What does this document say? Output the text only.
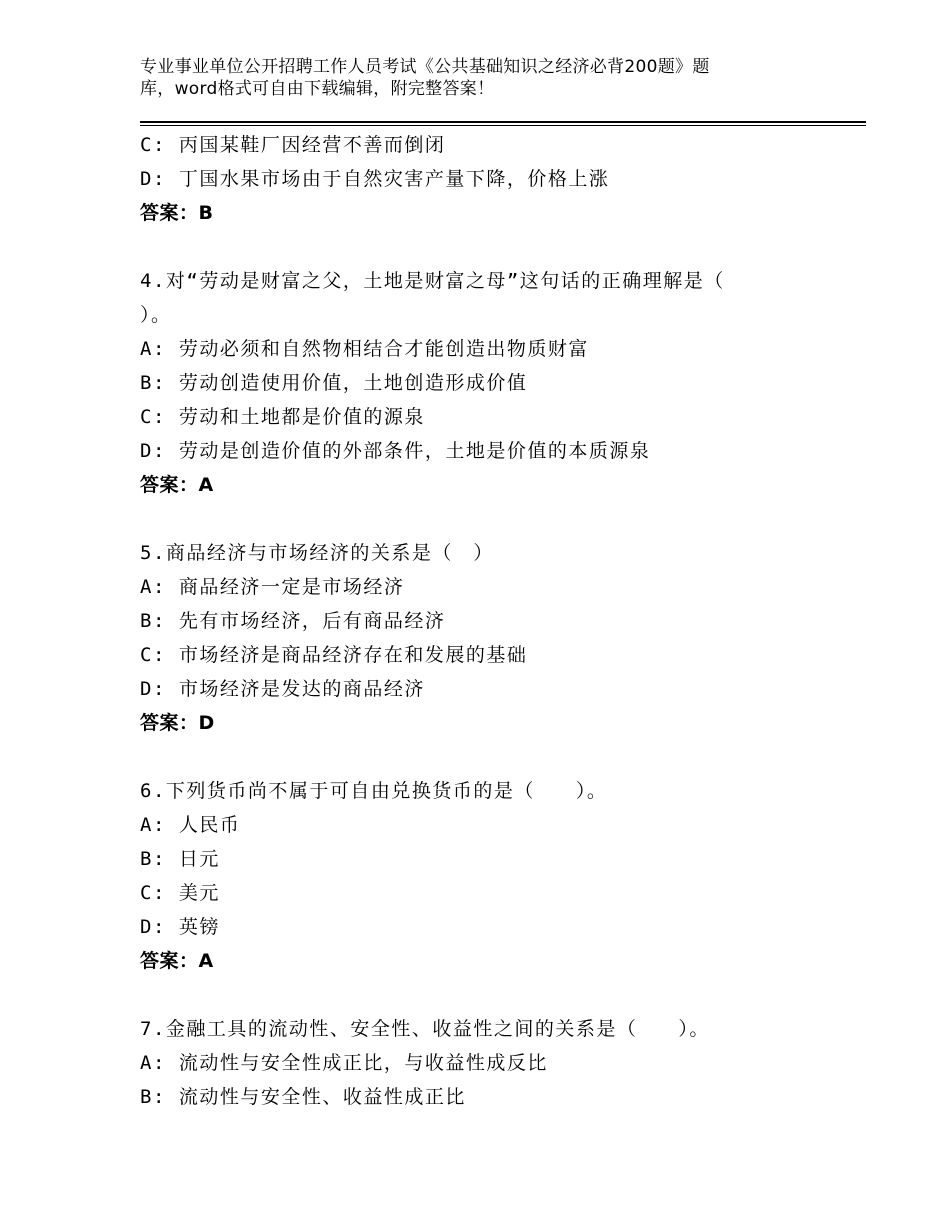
专业事业单位公开招聘工作人员考试《公共基础知识之经济必背200题》题
库，word格式可自由下载编辑，附完整答案！
C: 丙国某鞋厂因经营不善而倒闭
D: 丁国水果市场由于自然灾害产量下降，价格上涨
答案：B
4.对“劳动是财富之父，土地是财富之母”这句话的正确理解是（
）。
A: 劳动必须和自然物相结合才能创造出物质财富
B: 劳动创造使用价值，土地创造形成价值
C: 劳动和土地都是价值的源泉
D: 劳动是创造价值的外部条件，土地是价值的本质源泉
答案：A
5.商品经济与市场经济的关系是（　）
A: 商品经济一定是市场经济
B: 先有市场经济，后有商品经济
C: 市场经济是商品经济存在和发展的基础
D: 市场经济是发达的商品经济
答案：D
6.下列货币尚不属于可自由兑换货币的是（　　）。
A: 人民币
B: 日元
C: 美元
D: 英镑
答案：A
7.金融工具的流动性、安全性、收益性之间的关系是（　　）。
A: 流动性与安全性成正比，与收益性成反比
B: 流动性与安全性、收益性成正比
